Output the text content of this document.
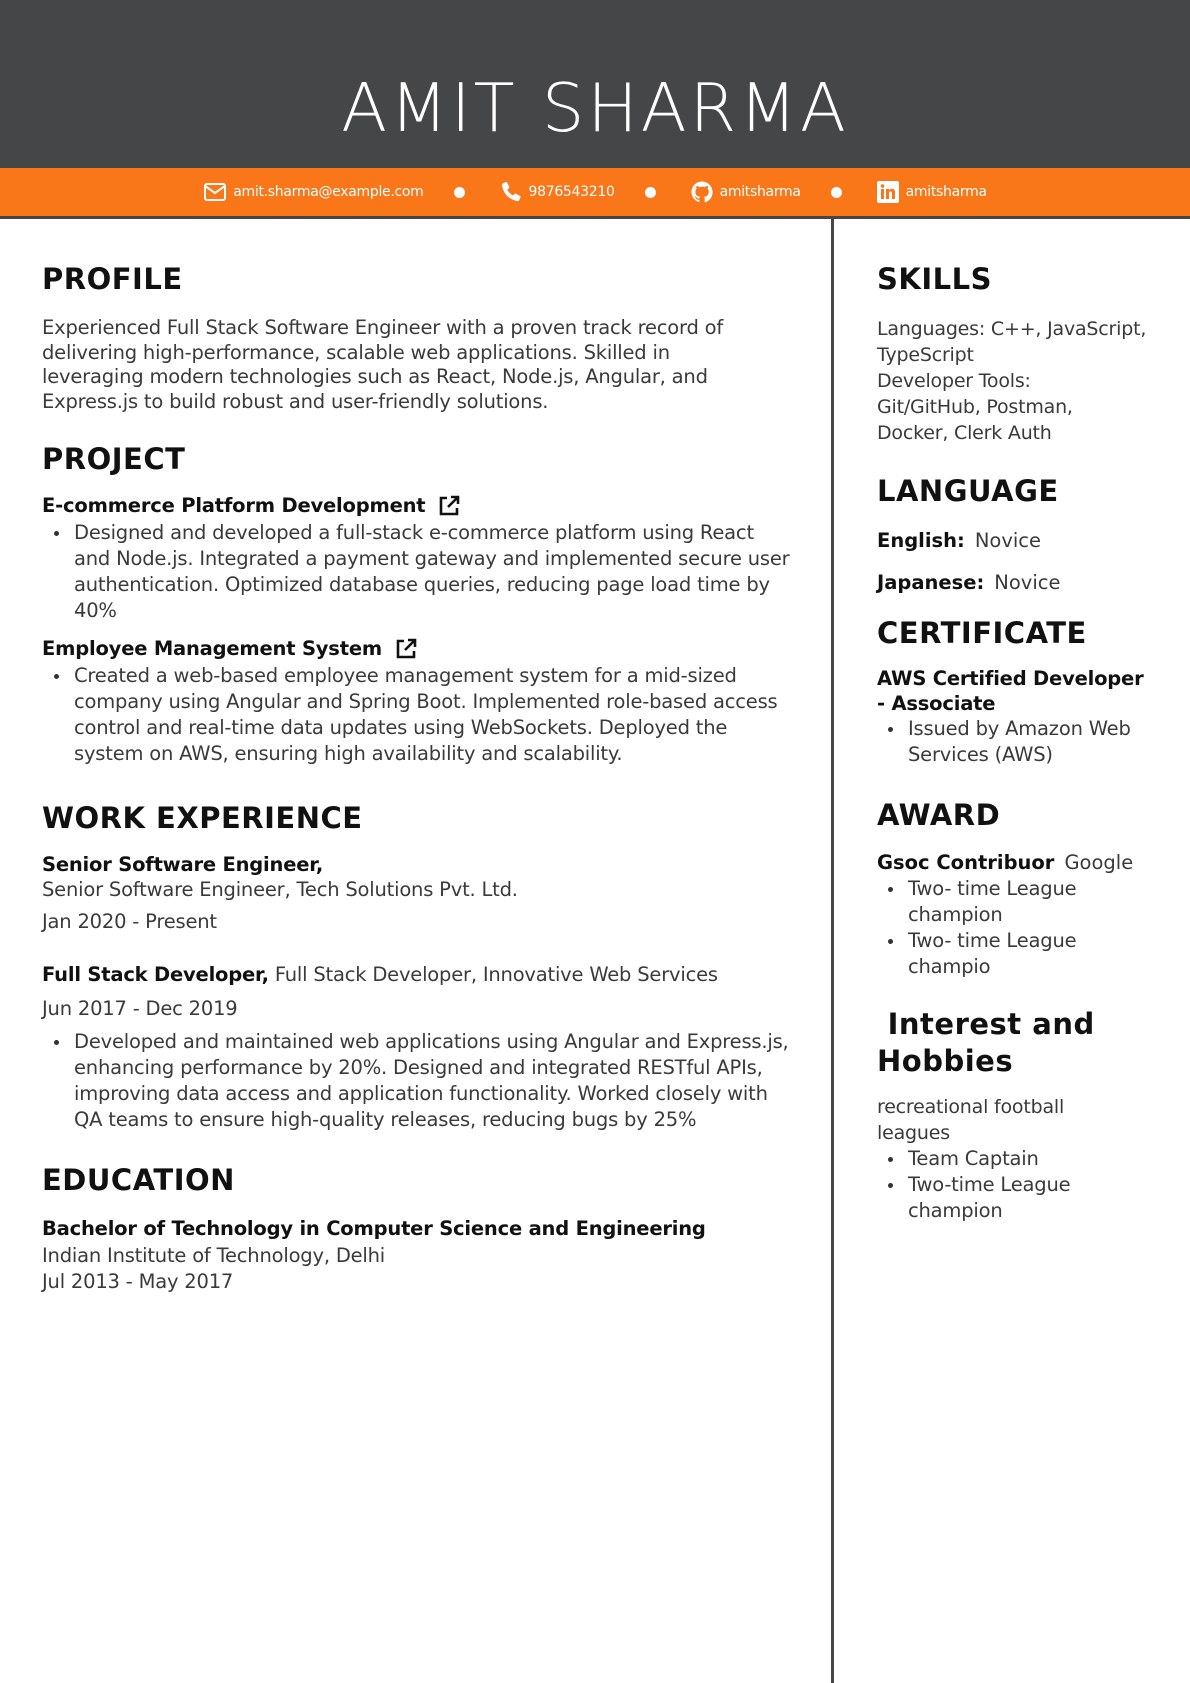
AMIT SHARMA
amit.sharma@example.com	9876543210	amitsharma	amitsharma
PROFILE

Experienced Full Stack Software Engineer with a proven track record of delivering high-performance, scalable web applications. Skilled in leveraging modern technologies such as React, Node.js, Angular, and Express.js to build robust and user-friendly solutions.

PROJECT
E-commerce Platform Development
Designed and developed a full-stack e-commerce platform using React and Node.js. Integrated a payment gateway and implemented secure user authentication. Optimized database queries, reducing page load time by 40%
Employee Management System
Created a web-based employee management system for a mid-sized company using Angular and Spring Boot. Implemented role-based access control and real-time data updates using WebSockets. Deployed the system on AWS, ensuring high availability and scalability.
WORK EXPERIENCE
Senior Software Engineer,
Senior Software Engineer, Tech Solutions Pvt. Ltd.
Jan 2020 - Present
Full Stack Developer, Full Stack Developer, Innovative Web Services
Jun 2017 - Dec 2019
Developed and maintained web applications using Angular and Express.js, enhancing performance by 20%. Designed and integrated RESTful APIs, improving data access and application functionality. Worked closely with QA teams to ensure high-quality releases, reducing bugs by 25%
EDUCATION
Bachelor of Technology in Computer Science and Engineering
Indian Institute of Technology, Delhi
Jul 2013 - May 2017
SKILLS
Languages: C++, JavaScript, TypeScript
Developer Tools: Git/GitHub, Postman, Docker, Clerk Auth
LANGUAGE
English: Novice
Japanese: Novice
CERTIFICATE
AWS Certified Developer - Associate
Issued by Amazon Web Services (AWS)
AWARD
Gsoc Contribuor Google
Two- time League champion
Two- time League champio
Interest and Hobbies
recreational football leagues
Team Captain
Two-time League champion
